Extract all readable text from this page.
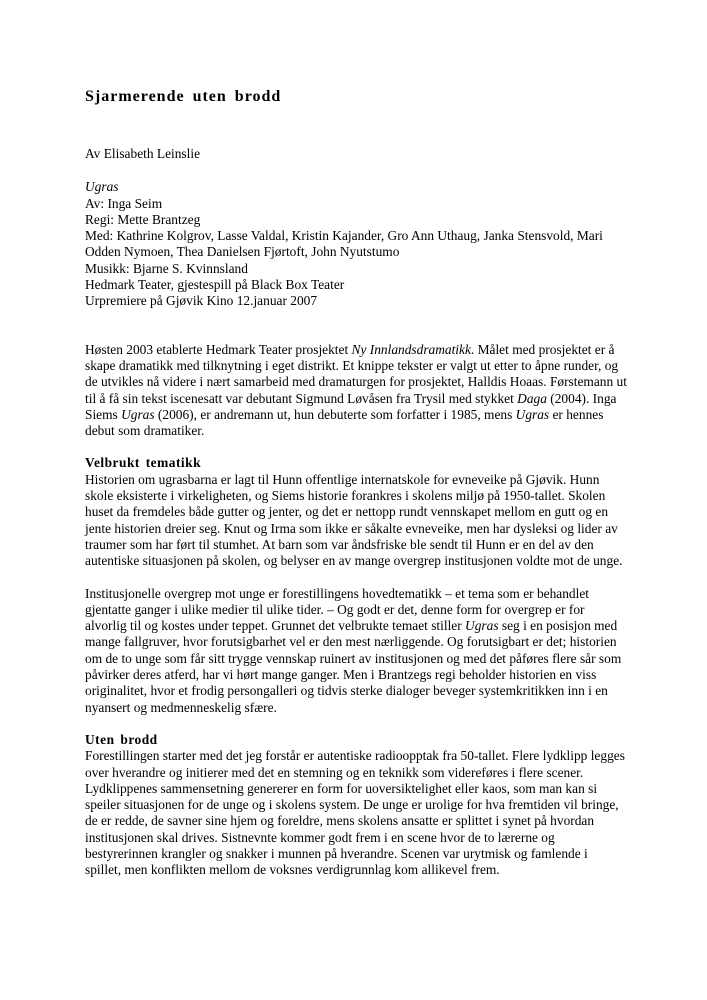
Sjarmerende uten brodd

Av Elisabeth Leinslie

Ugras
Av: Inga Seim
Regi: Mette Brantzeg
Med: Kathrine Kolgrov, Lasse Valdal, Kristin Kajander, Gro Ann Uthaug, Janka Stensvold, Mari Odden Nymoen, Thea Danielsen Fjørtoft, John Nyutstumo
Musikk: Bjarne S. Kvinnsland
Hedmark Teater, gjestespill på Black Box Teater
Urpremiere på Gjøvik Kino 12.januar 2007

Høsten 2003 etablerte Hedmark Teater prosjektet Ny Innlandsdramatikk. Målet med prosjektet er å skape dramatikk med tilknytning i eget distrikt. Et knippe tekster er valgt ut etter to åpne runder, og de utvikles nå videre i nært samarbeid med dramaturgen for prosjektet, Halldis Hoaas. Førstemann ut til å få sin tekst iscenesatt var debutant Sigmund Løvåsen fra Trysil med stykket Daga (2004). Inga Siems Ugras (2006), er andremann ut, hun debuterte som forfatter i 1985, mens Ugras er hennes debut som dramatiker.

Velbrukt tematikk

Historien om ugrasbarna er lagt til Hunn offentlige internatskole for evneveike på Gjøvik. Hunn skole eksisterte i virkeligheten, og Siems historie forankres i skolens miljø på 1950-tallet. Skolen huset da fremdeles både gutter og jenter, og det er nettopp rundt vennskapet mellom en gutt og en jente historien dreier seg. Knut og Irma som ikke er såkalte evneveike, men har dysleksi og lider av traumer som har ført til stumhet. At barn som var åndsfriske ble sendt til Hunn er en del av den autentiske situasjonen på skolen, og belyser en av mange overgrep institusjonen voldte mot de unge.

Institusjonelle overgrep mot unge er forestillingens hovedtematikk – et tema som er behandlet gjentatte ganger i ulike medier til ulike tider. – Og godt er det, denne form for overgrep er for alvorlig til og kostes under teppet. Grunnet det velbrukte temaet stiller Ugras seg i en posisjon med mange fallgruver, hvor forutsigbarhet vel er den mest nærliggende. Og forutsigbart er det; historien om de to unge som får sitt trygge vennskap ruinert av institusjonen og med det påføres flere sår som påvirker deres atferd, har vi hørt mange ganger. Men i Brantzegs regi beholder historien en viss originalitet, hvor et frodig persongalleri og tidvis sterke dialoger beveger systemkritikken inn i en nyansert og medmenneskelig sfære.

Uten brodd

Forestillingen starter med det jeg forstår er autentiske radioopptak fra 50-tallet. Flere lydklipp legges over hverandre og initierer med det en stemning og en teknikk som videreføres i flere scener. Lydklippenes sammensetning genererer en form for uoversiktelighet eller kaos, som man kan si speiler situasjonen for de unge og i skolens system. De unge er urolige for hva fremtiden vil bringe, de er redde, de savner sine hjem og foreldre, mens skolens ansatte er splittet i synet på hvordan institusjonen skal drives. Sistnevnte kommer godt frem i en scene hvor de to lærerne og bestyrerinnen krangler og snakker i munnen på hverandre. Scenen var urytmisk og famlende i spillet, men konflikten mellom de voksnes verdigrunnlag kom allikevel frem.
